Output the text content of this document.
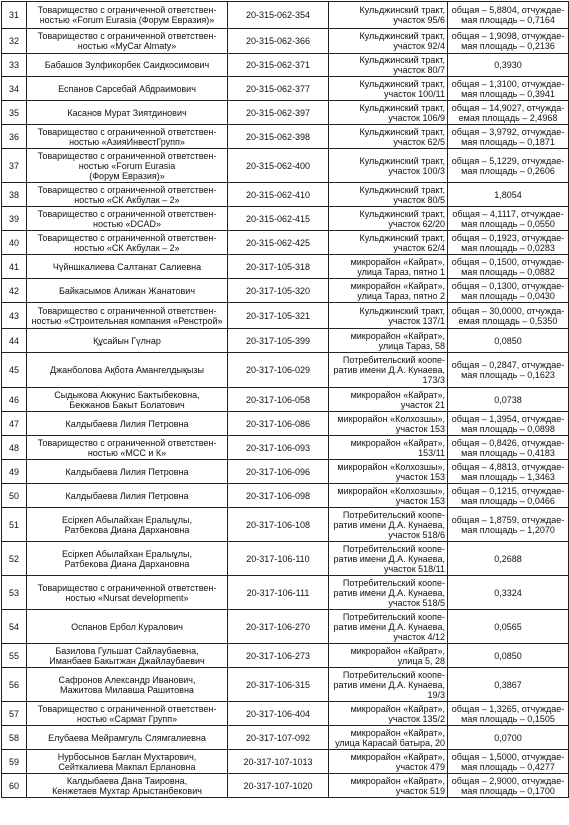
31	Товарищество с ограниченной ответствен-
ностью «Forum Eurasia (Форум Евразия)»	20-315-062-354	Кульджинский тракт,
участок 95/6	общая – 5,8804, отчуждае-
мая площадь – 0,7164

32	Товарищество с ограниченной ответствен-
ностью «MyCar Almaty»	20-315-062-366	Кульджинский тракт,
участок 92/4	общая – 1,9098, отчуждае-
мая площадь – 0,2136

33	Бабашов Зулфикорбек Саидкосимович	20-315-062-371	Кульджинский тракт,
участок 80/7	0,3930

34	Еспанов Сарсебай Абдраимович	20-315-062-377	Кульджинский тракт,
участок 100/11	общая – 1,3100, отчуждае-
мая площадь – 0,3941

35	Касанов Мурат Зиятдинович	20-315-062-397	Кульджинский тракт,
участок 106/9	общая – 14,9027, отчужда-
емая площадь – 2,4968

36	Товарищество с ограниченной ответствен-
ностью «АзияИнвестГрупп»	20-315-062-398	Кульджинский тракт,
участок 62/5	общая – 3,9792, отчуждае-
мая площадь – 0,1871

37	Товарищество с ограниченной ответствен-
ностью «Forum Eurasia
(Форум Евразия)»	20-315-062-400	Кульджинский тракт,
участок 100/3	общая – 5,1229, отчуждае-
мая площадь – 0,2606

38	Товарищество с ограниченной ответствен-
ностью «СК Акбулак – 2»	20-315-062-410	Кульджинский тракт,
участок 80/5	1,8054

39	Товарищество с ограниченной ответствен-
ностью «DCAD»	20-315-062-415	Кульджинский тракт,
участок 62/20	общая – 4,1117, отчуждае-
мая площадь – 0,0550

40	Товарищество с ограниченной ответствен-
ностью «СК Акбулак – 2»	20-315-062-425	Кульджинский тракт,
участок 62/4	общая – 0,1923, отчуждае-
мая площадь – 0,0283

41	Чүйншкалиева Салтанат Салиевна	20-317-105-318	микрорайон «Кайрат»,
улица Тараз, пятно 1	общая – 0,1500, отчуждае-
мая площадь – 0,0882

42	Байкасымов Алижан Жанатович	20-317-105-320	микрорайон «Кайрат»,
улица Тараз, пятно 2	общая – 0,1300, отчуждае-
мая площадь – 0,0430

43	Товарищество с ограниченной ответствен-
ностью «Строительная компания «Ренстрой»	20-317-105-321	Кульджинский тракт,
участок 137/1	общая – 30,0000, отчужда-
емая площадь – 0,5350

44	Құсайын Гүлнар	20-317-105-399	микрорайон «Кайрат»,
улица Тараз, 58	0,0850

45	Джанболова Ақбота Амангелдықызы	20-317-106-029	Потребительский коопе-
ратив имени Д.А. Кунаева,
173/3	общая – 0,2847, отчуждае-
мая площадь – 0,1623

46	Сыдыкова Акжунис Бактыбековна,
Бекжанов Бакыт Болатович	20-317-106-058	микрорайон «Кайрат»,
участок 21	0,0738

47	Калдыбаева Лилия Петровна	20-317-106-086	микрорайон «Колхозшы»,
участок 153	общая – 1,3954, отчуждае-
мая площадь – 0,0898

48	Товарищество с ограниченной ответствен-
ностью «МСС и К»	20-317-106-093	микрорайон «Кайрат»,
153/11	общая – 0,8426, отчуждае-
мая площадь – 0,4183

49	Калдыбаева Лилия Петровна	20-317-106-096	микрорайон «Колхозшы»,
участок 153	общая – 4,8813, отчуждае-
мая площадь – 1,3463

50	Калдыбаева Лилия Петровна	20-317-106-098	микрорайон «Колхозшы»,
участок 153	общая – 0,1215, отчуждае-
мая площадь – 0,0466

51	Есіркеп Абылайхан Ералыұлы,
Ратбекова Диана Дархановна	20-317-106-108	Потребительский коопе-
ратив имени Д.А. Кунаева,
участок 518/6	общая – 1,8759, отчуждае-
мая площадь – 1,2070

52	Есіркеп Абылайхан Ералыұлы,
Ратбекова Диана Дархановна	20-317-106-110	Потребительский коопе-
ратив имени Д.А. Кунаева,
участок 518/11	0,2688

53	Товарищество с ограниченной ответствен-
ностью «Nursat development»	20-317-106-111	Потребительский коопе-
ратив имени Д.А. Кунаева,
участок 518/5	0,3324

54	Оспанов Ербол Куралович	20-317-106-270	Потребительский коопе-
ратив имени Д.А. Кунаева,
участок 4/12	0,0565

55	Базилова Гульшат Сайлаубаевна,
Иманбаев Бакытжан Джайлаубаевич	20-317-106-273	микрорайон «Кайрат»,
улица 5, 28	0,0850

56	Сафронов Александр Иванович,
Мажитова Милавша Рашитовна	20-317-106-315	Потребительский коопе-
ратив имени Д.А. Кунаева,
19/3	0,3867

57	Товарищество с ограниченной ответствен-
ностью «Сармат Групп»	20-317-106-404	микрорайон «Кайрат»,
участок 135/2	общая – 1,3265, отчуждае-
мая площадь – 0,1505

58	Елубаева Мейрамгуль Слямгалиевна	20-317-107-092	микрорайон «Кайрат»,
улица Карасай батыра, 20	0,0700

59	Нурбосынов Баглан Мухтарович,
Сейткалиева Макпал Ерлановна	20-317-107-1013	микрорайон «Кайрат»,
участок 479	общая – 1,5000, отчуждае-
мая площадь – 0,4277

60	Калдыбаева Дана Таировна,
Кенжетаев Мухтар Арыстанбекович	20-317-107-1020	микрорайон «Кайрат»,
участок 519	общая – 2,9000, отчуждае-
мая площадь – 0,1700
